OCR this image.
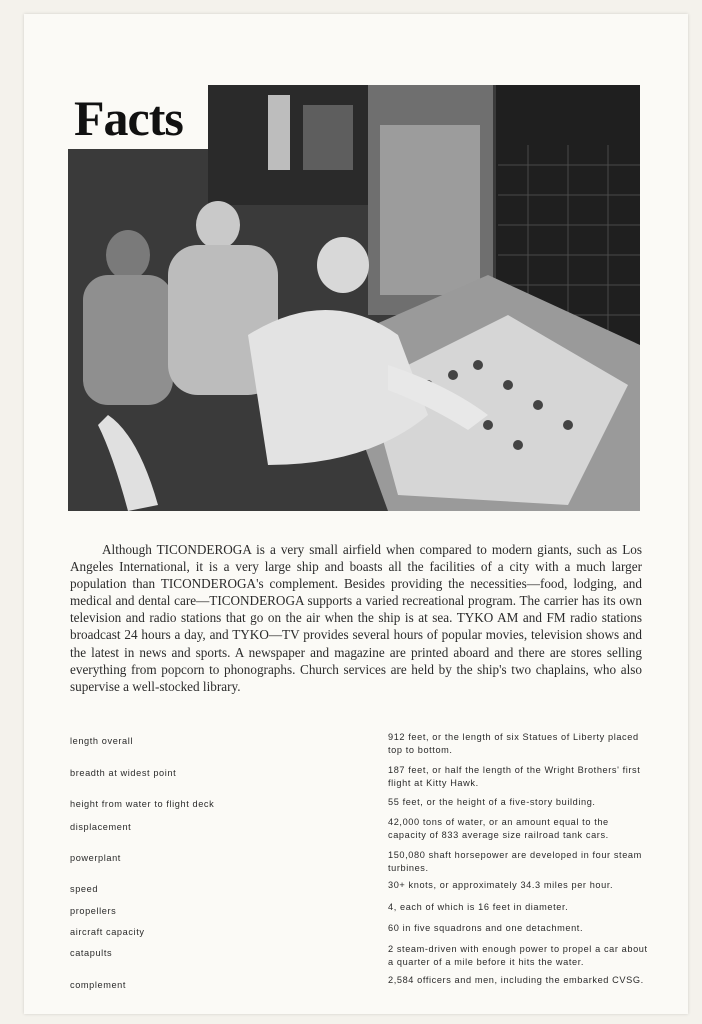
Facts
Although TICONDEROGA is a very small airfield when compared to modern giants, such as Los Angeles International, it is a very large ship and boasts all the facilities of a city with a much larger population than TICONDEROGA's complement. Besides providing the necessities—food, lodging, and medical and dental care—TICONDEROGA supports a varied recreational program. The carrier has its own television and radio stations that go on the air when the ship is at sea. TYKO AM and FM radio stations broadcast 24 hours a day, and TYKO—TV provides several hours of popular movies, television shows and the latest in news and sports. A newspaper and magazine are printed aboard and there are stores selling everything from popcorn to phonographs. Church services are held by the ship's two chaplains, who also supervise a well-stocked library.
length overall	912 feet, or the length of six Statues of Liberty placed top to bottom.
breadth at widest point	187 feet, or half the length of the Wright Brothers' first flight at Kitty Hawk.
height from water to flight deck	55 feet, or the height of a five-story building.
displacement	42,000 tons of water, or an amount equal to the capacity of 833 average size railroad tank cars.
powerplant	150,080 shaft horsepower are developed in four steam turbines.
speed	30+ knots, or approximately 34.3 miles per hour.
propellers	4, each of which is 16 feet in diameter.
aircraft capacity	60 in five squadrons and one detachment.
catapults	2 steam-driven with enough power to propel a car about a quarter of a mile before it hits the water.
complement	2,584 officers and men, including the embarked CVSG.
